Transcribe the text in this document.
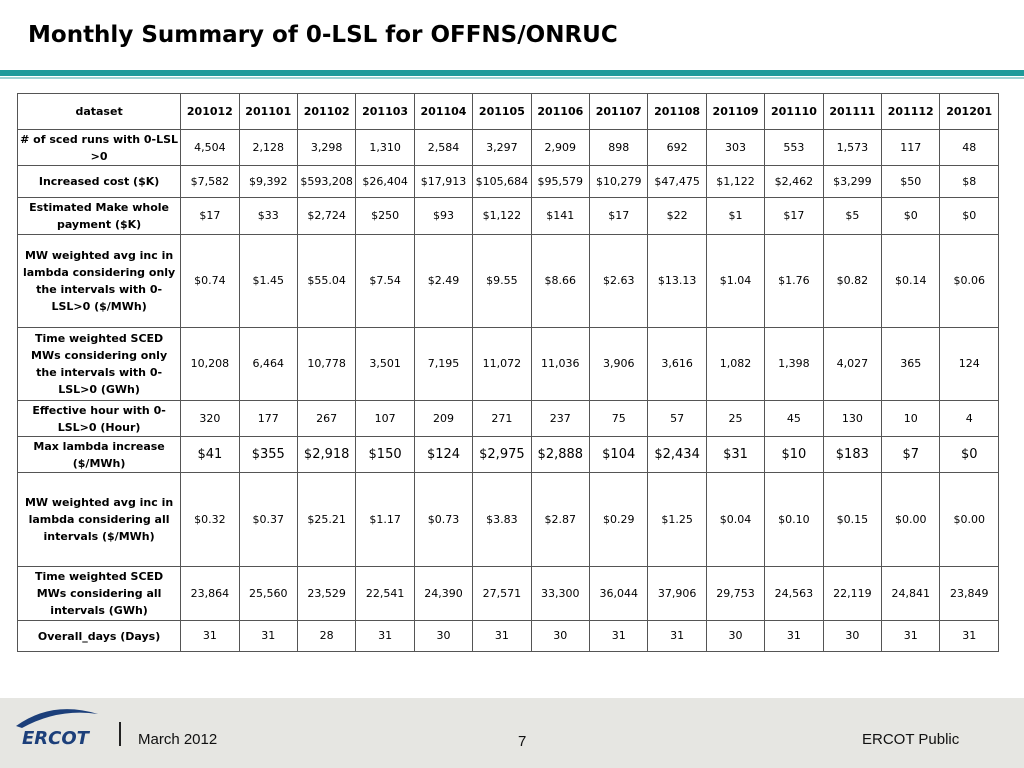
Monthly Summary of 0-LSL for OFFNS/ONRUC
dataset	201012	201101	201102	201103	201104	201105	201106	201107	201108	201109	201110	201111	201112	201201
# of sced runs with 0-LSL >0	4,504	2,128	3,298	1,310	2,584	3,297	2,909	898	692	303	553	1,573	117	48
Increased cost ($K)	$7,582	$9,392	$593,208	$26,404	$17,913	$105,684	$95,579	$10,279	$47,475	$1,122	$2,462	$3,299	$50	$8
Estimated Make whole payment ($K)	$17	$33	$2,724	$250	$93	$1,122	$141	$17	$22	$1	$17	$5	$0	$0
MW weighted avg inc in lambda considering only the intervals with 0-LSL>0 ($/MWh)	$0.74	$1.45	$55.04	$7.54	$2.49	$9.55	$8.66	$2.63	$13.13	$1.04	$1.76	$0.82	$0.14	$0.06
Time weighted SCED MWs considering only the intervals with 0-LSL>0 (GWh)	10,208	6,464	10,778	3,501	7,195	11,072	11,036	3,906	3,616	1,082	1,398	4,027	365	124
Effective hour with 0-LSL>0 (Hour)	320	177	267	107	209	271	237	75	57	25	45	130	10	4
Max lambda increase ($/MWh)	$41	$355	$2,918	$150	$124	$2,975	$2,888	$104	$2,434	$31	$10	$183	$7	$0
MW weighted avg inc in lambda considering all intervals ($/MWh)	$0.32	$0.37	$25.21	$1.17	$0.73	$3.83	$2.87	$0.29	$1.25	$0.04	$0.10	$0.15	$0.00	$0.00
Time weighted SCED MWs considering all intervals (GWh)	23,864	25,560	23,529	22,541	24,390	27,571	33,300	36,044	37,906	29,753	24,563	22,119	24,841	23,849
Overall_days (Days)	31	31	28	31	30	31	30	31	31	30	31	30	31	31
ERCOT	March 2012	7	ERCOT Public
